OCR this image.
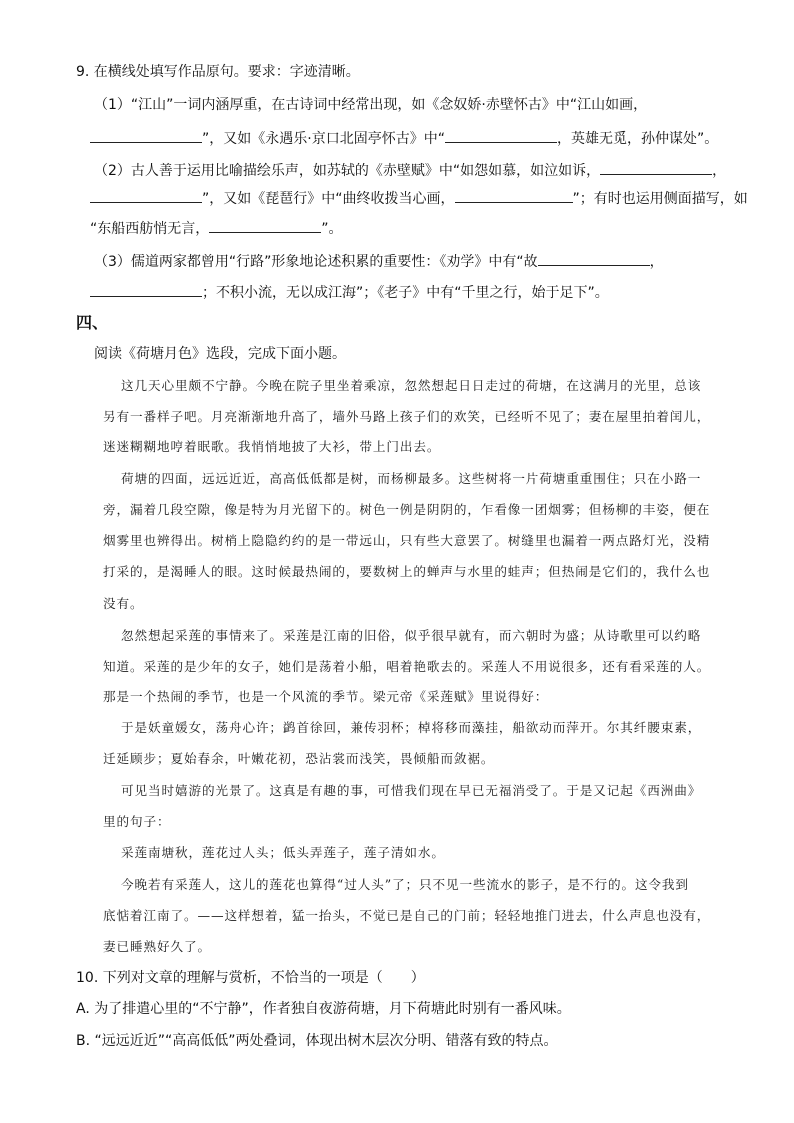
9. 在横线处填写作品原句。要求：字迹清晰。
（1）“江山”一词内涵厚重，在古诗词中经常出现，如《念奴娇·赤壁怀古》中“江山如画，
”，又如《永遇乐·京口北固亭怀古》中“	，英雄无觅，孙仲谋处”。
（2）古人善于运用比喻描绘乐声，如苏轼的《赤壁赋》中“如怨如慕，如泣如诉，	，
”，又如《琵琶行》中“曲终收拨当心画，	”；有时也运用侧面描写，如
“东船西舫悄无言，	”。
（3）儒道两家都曾用“行路”形象地论述积累的重要性：《劝学》中有“故	，
；不积小流，无以成江海”；《老子》中有“千里之行，始于足下”。
四、
阅读《荷塘月色》选段，完成下面小题。
这几天心里颇不宁静。今晚在院子里坐着乘凉，忽然想起日日走过的荷塘，在这满月的光里，总该
另有一番样子吧。月亮渐渐地升高了，墙外马路上孩子们的欢笑，已经听不见了；妻在屋里拍着闰儿，
迷迷糊糊地哼着眠歌。我悄悄地披了大衫，带上门出去。
荷塘的四面，远远近近，高高低低都是树，而杨柳最多。这些树将一片荷塘重重围住；只在小路一
旁，漏着几段空隙，像是特为月光留下的。树色一例是阴阴的，乍看像一团烟雾；但杨柳的丰姿，便在
烟雾里也辨得出。树梢上隐隐约约的是一带远山，只有些大意罢了。树缝里也漏着一两点路灯光，没精
打采的，是渴睡人的眼。这时候最热闹的，要数树上的蝉声与水里的蛙声；但热闹是它们的，我什么也
没有。
忽然想起采莲的事情来了。采莲是江南的旧俗，似乎很早就有，而六朝时为盛；从诗歌里可以约略
知道。采莲的是少年的女子，她们是荡着小船，唱着艳歌去的。采莲人不用说很多，还有看采莲的人。
那是一个热闹的季节，也是一个风流的季节。梁元帝《采莲赋》里说得好：
于是妖童媛女，荡舟心许；鹢首徐回，兼传羽杯；棹将移而藻挂，船欲动而萍开。尔其纤腰束素，
迁延顾步；夏始春余，叶嫩花初，恐沾裳而浅笑，畏倾船而敛裾。
可见当时嬉游的光景了。这真是有趣的事，可惜我们现在早已无福消受了。于是又记起《西洲曲》
里的句子：
采莲南塘秋，莲花过人头；低头弄莲子，莲子清如水。
今晚若有采莲人，这儿的莲花也算得“过人头”了；只不见一些流水的影子，是不行的。这令我到
底惦着江南了。——这样想着，猛一抬头，不觉已是自己的门前；轻轻地推门进去，什么声息也没有，
妻已睡熟好久了。
10. 下列对文章的理解与赏析，不恰当的一项是（　　）
A. 为了排遣心里的“不宁静”，作者独自夜游荷塘，月下荷塘此时别有一番风味。
B. “远远近近”“高高低低”两处叠词，体现出树木层次分明、错落有致的特点。
